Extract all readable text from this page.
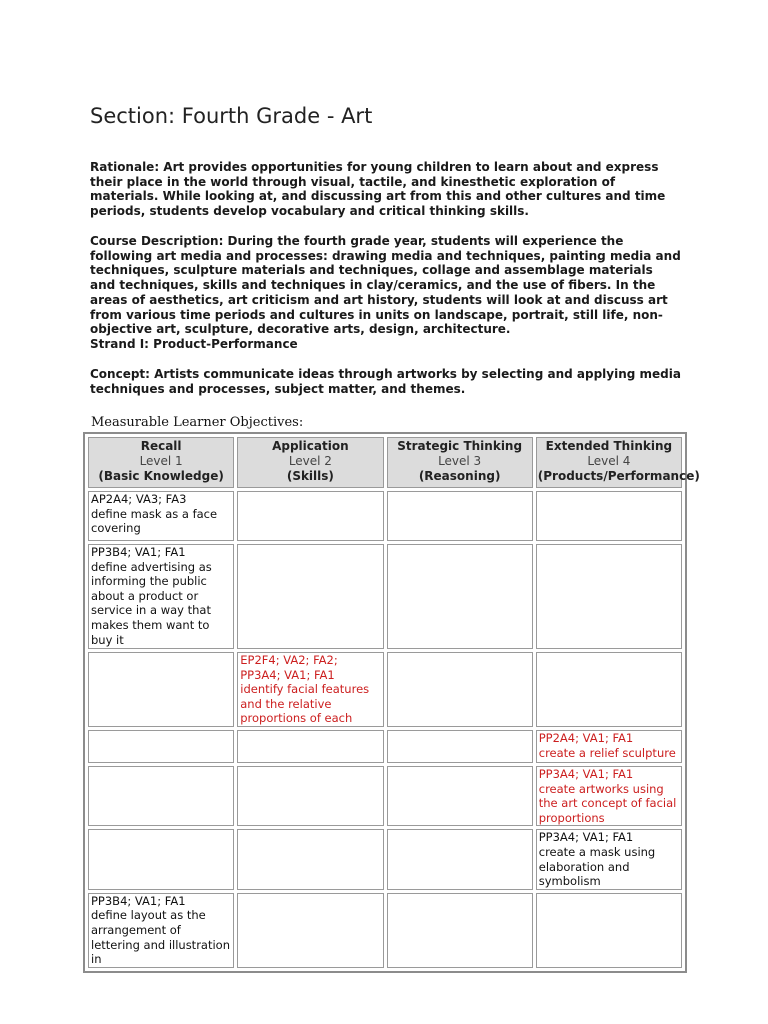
Section: Fourth Grade - Art

Rationale: Art provides opportunities for young children to learn about and express their place in the world through visual, tactile, and kinesthetic exploration of materials. While looking at, and discussing art from this and other cultures and time periods, students develop vocabulary and critical thinking skills.

Course Description: During the fourth grade year, students will experience the following art media and processes: drawing media and techniques, painting media and techniques, sculpture materials and techniques, collage and assemblage materials and techniques, skills and techniques in clay/ceramics, and the use of fibers. In the areas of aesthetics, art criticism and art history, students will look at and discuss art from various time periods and cultures in units on landscape, portrait, still life, non-objective art, sculpture, decorative arts, design, architecture.

Strand I: Product-Performance

Concept: Artists communicate ideas through artworks by selecting and applying media techniques and processes, subject matter, and themes.

Measurable Learner Objectives:
Recall
Level 1
(Basic Knowledge)	Application
Level 2
(Skills)	Strategic Thinking
Level 3
(Reasoning)	Extended Thinking
Level 4
(Products/Performance)

AP2A4; VA3; FA3
define mask as a face covering			

PP3B4; VA1; FA1
define advertising as informing the public about a product or service in a way that makes them want to buy it			

	EP2F4; VA2; FA2; PP3A4; VA1; FA1
identify facial features and the relative proportions of each		

			PP2A4; VA1; FA1
create a relief sculpture

			PP3A4; VA1; FA1
create artworks using the art concept of facial proportions

			PP3A4; VA1; FA1
create a mask using elaboration and symbolism

PP3B4; VA1; FA1
define layout as the arrangement of lettering and illustration in			
